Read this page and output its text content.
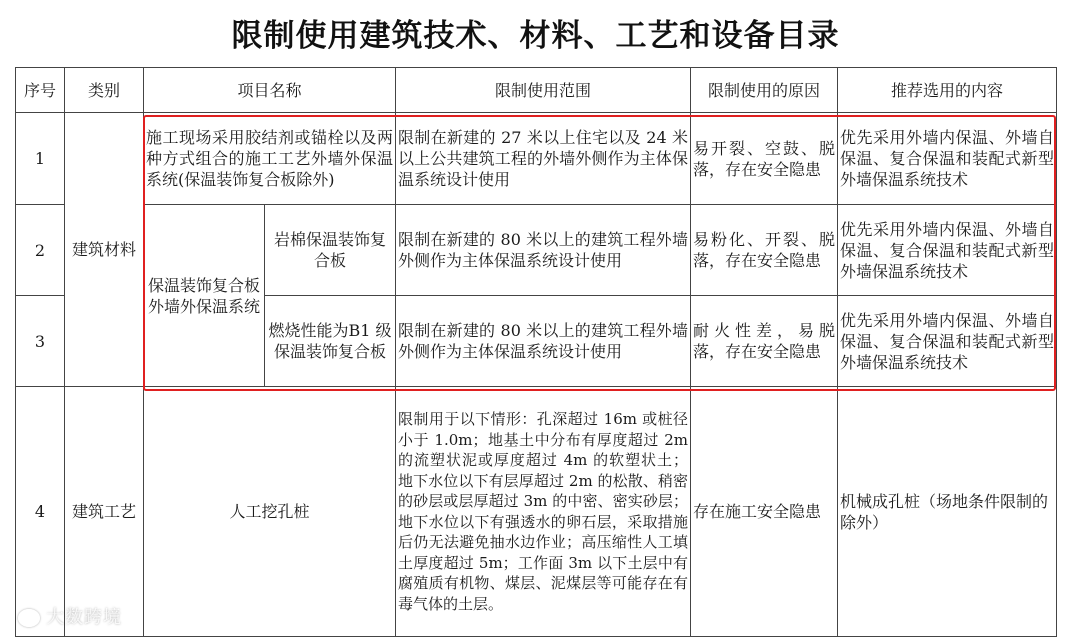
限制使用建筑技术、材料、工艺和设备目录
序号	类别	项目名称		限制使用范围	限制使用的原因	推荐选用的内容
1	建筑材料	施工现场采用胶结剂或锚栓以及两种方式组合的施工工艺外墙外保温系统(保温装饰复合板除外)		限制在新建的 27 米以上住宅以及 24 米以上公共建筑工程的外墙外侧作为主体保温系统设计使用	易开裂、空鼓、脱落，存在安全隐患	优先采用外墙内保温、外墙自保温、复合保温和装配式新型外墙保温系统技术
2		保温装饰复合板外墙外保温系统	岩棉保温装饰复合板	限制在新建的 80 米以上的建筑工程外墙外侧作为主体保温系统设计使用	易粉化、开裂、脱落，存在安全隐患	优先采用外墙内保温、外墙自保温、复合保温和装配式新型外墙保温系统技术
3			燃烧性能为B1 级保温装饰复合板	限制在新建的 80 米以上的建筑工程外墙外侧作为主体保温系统设计使用	耐火性差，易脱落，存在安全隐患	优先采用外墙内保温、外墙自保温、复合保温和装配式新型外墙保温系统技术
4	建筑工艺	人工挖孔桩		限制用于以下情形：孔深超过 16m 或桩径小于 1.0m；地基土中分布有厚度超过 2m 的流塑状泥或厚度超过 4m 的软塑状土； 地下水位以下有层厚超过 2m 的松散、稍密的砂层或层厚超过 3m 的中密、密实砂层；地下水位以下有强透水的卵石层，采取措施后仍无法避免抽水边作业；高压缩性人工填土厚度超过 5m；工作面 3m 以下土层中有腐殖质有机物、煤层、泥煤层等可能存在有毒气体的土层。	存在施工安全隐患	机械成孔桩（场地条件限制的除外）
大数跨境
